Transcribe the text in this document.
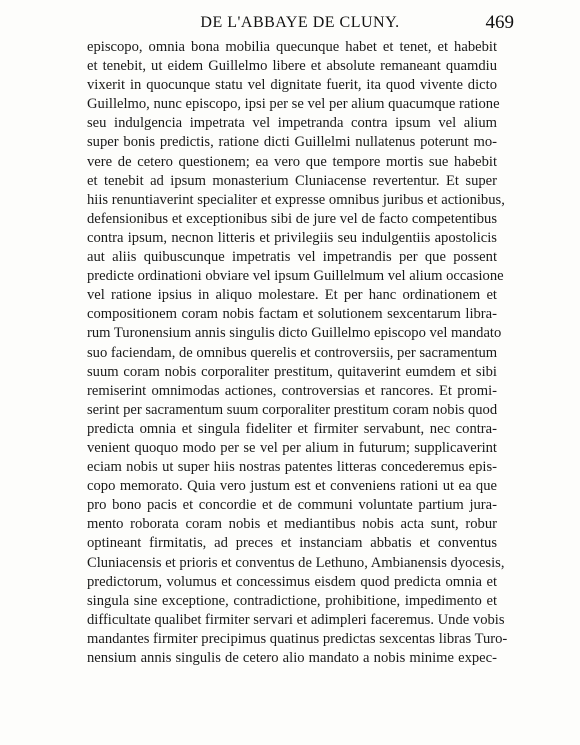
DE L'ABBAYE DE CLUNY.	469
episcopo, omnia bona mobilia quecunque habet et tenet, et habebit
et tenebit, ut eidem Guillelmo libere et absolute remaneant quamdiu
vixerit in quocunque statu vel dignitate fuerit, ita quod vivente dicto
Guillelmo, nunc episcopo, ipsi per se vel per alium quacumque ratione
seu indulgencia impetrata vel impetranda contra ipsum vel alium
super bonis predictis, ratione dicti Guillelmi nullatenus poterunt mo-
vere de cetero questionem; ea vero que tempore mortis sue habebit
et tenebit ad ipsum monasterium Cluniacense revertentur. Et super
hiis renuntiaverint specialiter et expresse omnibus juribus et actionibus,
defensionibus et exceptionibus sibi de jure vel de facto competentibus
contra ipsum, necnon litteris et privilegiis seu indulgentiis apostolicis
aut aliis quibuscunque impetratis vel impetrandis per que possent
predicte ordinationi obviare vel ipsum Guillelmum vel alium occasione
vel ratione ipsius in aliquo molestare. Et per hanc ordinationem et
compositionem coram nobis factam et solutionem sexcentarum libra-
rum Turonensium annis singulis dicto Guillelmo episcopo vel mandato
suo faciendam, de omnibus querelis et controversiis, per sacramentum
suum coram nobis corporaliter prestitum, quitaverint eumdem et sibi
remiserint omnimodas actiones, controversias et rancores. Et promi-
serint per sacramentum suum corporaliter prestitum coram nobis quod
predicta omnia et singula fideliter et firmiter servabunt, nec contra-
venient quoquo modo per se vel per alium in futurum; supplicaverint
eciam nobis ut super hiis nostras patentes litteras concederemus epis-
copo memorato. Quia vero justum est et conveniens rationi ut ea que
pro bono pacis et concordie et de communi voluntate partium jura-
mento roborata coram nobis et mediantibus nobis acta sunt, robur
optineant firmitatis, ad preces et instanciam abbatis et conventus
Cluniacensis et prioris et conventus de Lethuno, Ambianensis dyocesis,
predictorum, volumus et concessimus eisdem quod predicta omnia et
singula sine exceptione, contradictione, prohibitione, impedimento et
difficultate qualibet firmiter servari et adimpleri faceremus. Unde vobis
mandantes firmiter precipimus quatinus predictas sexcentas libras Turo-
nensium annis singulis de cetero alio mandato a nobis minime expec-
